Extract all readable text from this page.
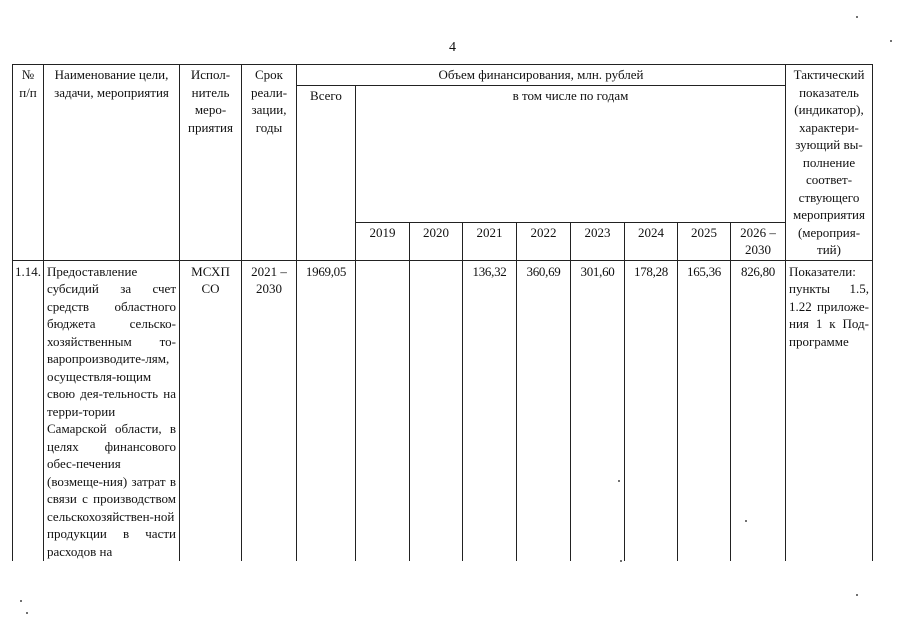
4
№ п/п	Наименование цели, задачи, мероприятия	Испол-нитель меро-приятия	Срок реали-зации, годы	Объем финансирования, млн. рублей									Тактический показатель (индикатор), характери-зующий вы-полнение соответ-ствующего мероприятия (мероприя-тий)
				Всего	в том числе по годам								
					2019	2020	2021	2022	2023	2024	2025	2026 – 2030	
1.14.	Предоставление субсидий за счет средств областного бюджета сельско-хозяйственным то-варопроизводите-лям, осуществля-ющим свою дея-тельность на терри-тории Самарской области, в целях финансового обес-печения (возмеще-ния) затрат в связи с производством сельскохозяйствен-ной продукции в части расходов на	МСХП СО	2021 – 2030	1969,05			136,32	360,69	301,60	178,28	165,36	826,80	Показатели: пункты 1.5, 1.22 приложе-ния 1 к Под-программе
